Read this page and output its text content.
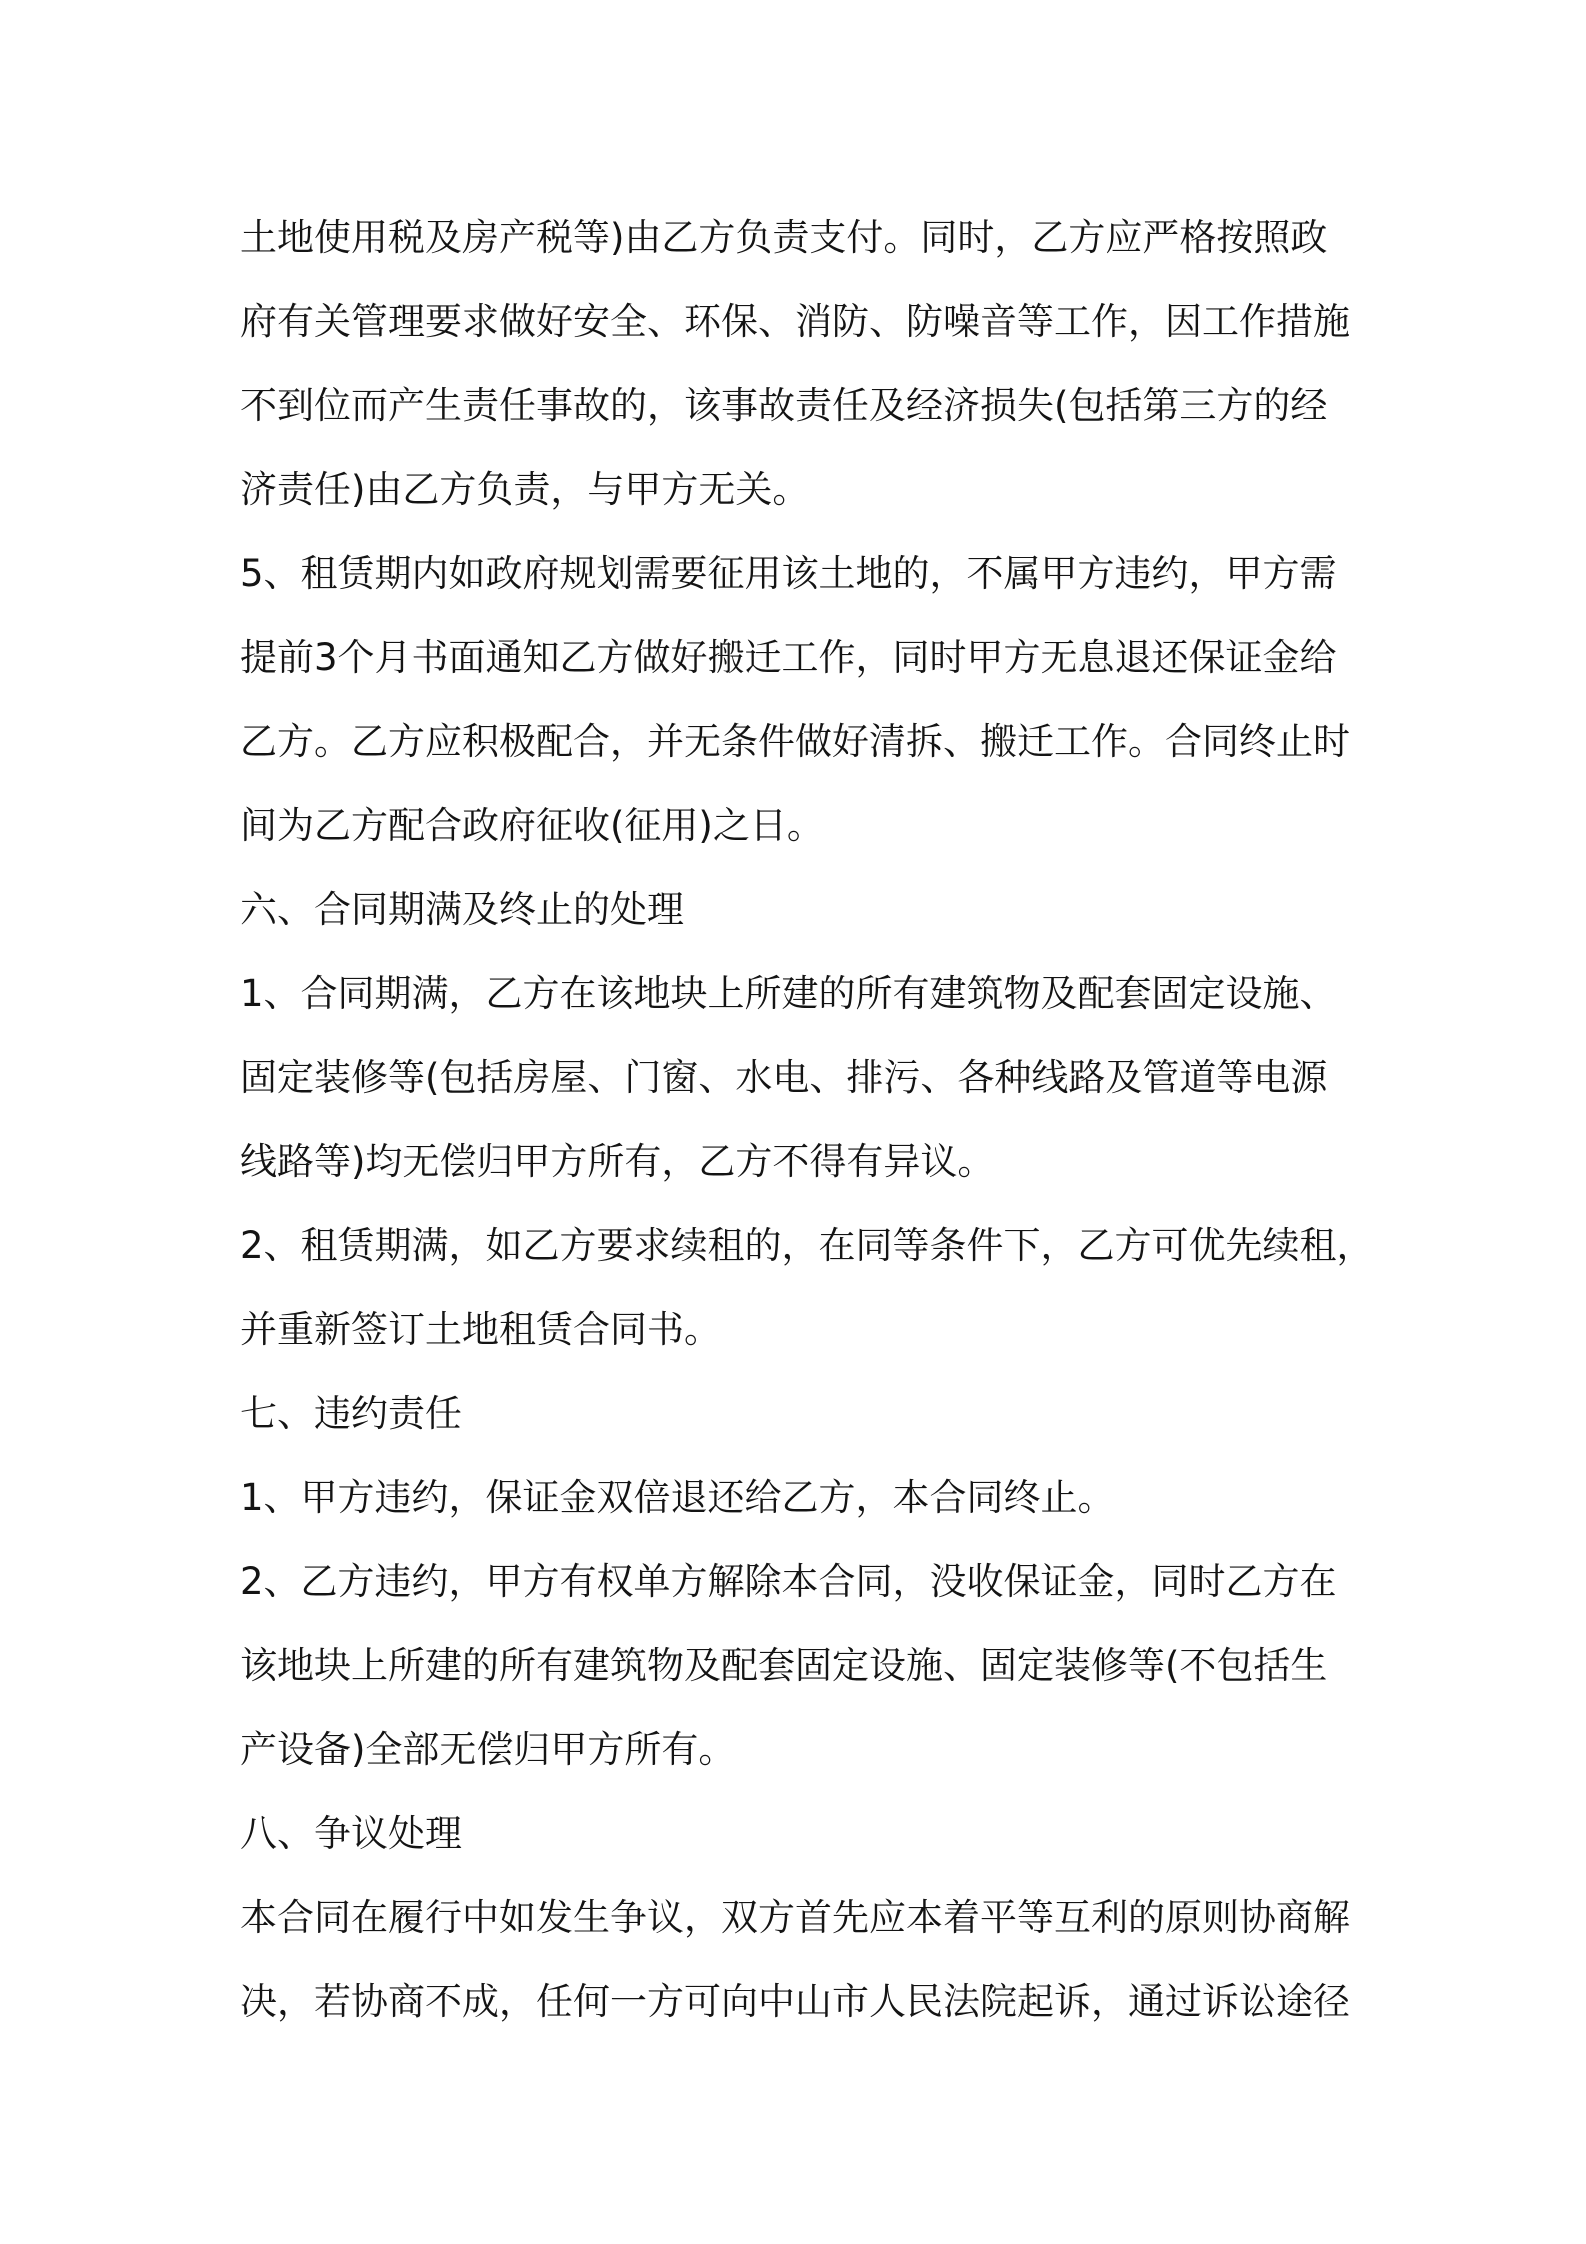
土地使用税及房产税等)由乙方负责支付。同时，乙方应严格按照政
府有关管理要求做好安全、环保、消防、防噪音等工作，因工作措施
不到位而产生责任事故的，该事故责任及经济损失(包括第三方的经
济责任)由乙方负责，与甲方无关。
5、租赁期内如政府规划需要征用该土地的，不属甲方违约，甲方需
提前3个月书面通知乙方做好搬迁工作，同时甲方无息退还保证金给
乙方。乙方应积极配合，并无条件做好清拆、搬迁工作。合同终止时
间为乙方配合政府征收(征用)之日。
六、合同期满及终止的处理
1、合同期满，乙方在该地块上所建的所有建筑物及配套固定设施、
固定装修等(包括房屋、门窗、水电、排污、各种线路及管道等电源
线路等)均无偿归甲方所有，乙方不得有异议。
2、租赁期满，如乙方要求续租的，在同等条件下，乙方可优先续租，
并重新签订土地租赁合同书。
七、违约责任
1、甲方违约，保证金双倍退还给乙方，本合同终止。
2、乙方违约，甲方有权单方解除本合同，没收保证金，同时乙方在
该地块上所建的所有建筑物及配套固定设施、固定装修等(不包括生
产设备)全部无偿归甲方所有。
八、争议处理
本合同在履行中如发生争议，双方首先应本着平等互利的原则协商解
决，若协商不成，任何一方可向中山市人民法院起诉，通过诉讼途径
